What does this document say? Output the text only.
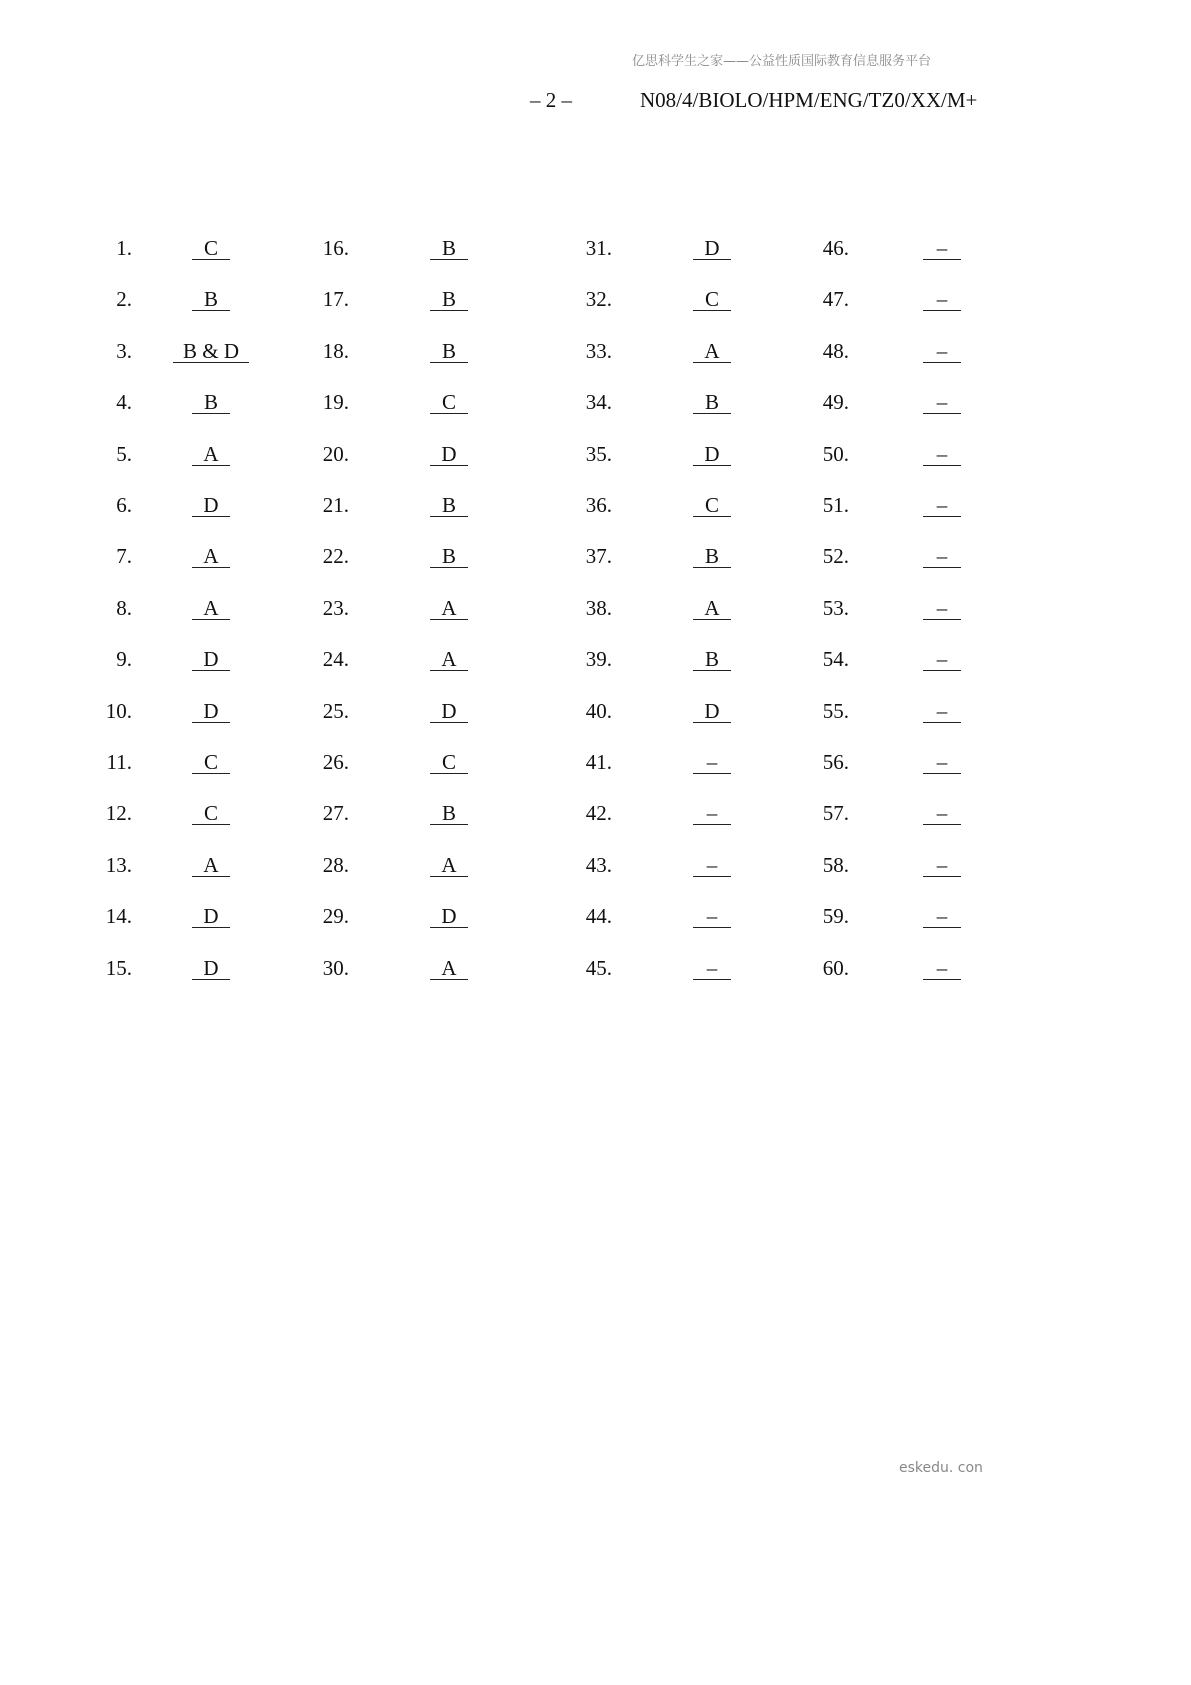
亿思科学生之家——公益性质国际教育信息服务平台
– 2 –	N08/4/BIOLO/HPM/ENG/TZ0/XX/M+
1.	C
2.	B
3.	B & D
4.	B
5.	A
6.	D
7.	A
8.	A
9.	D
10.	D
11.	C
12.	C
13.	A
14.	D
15.	D
16.	B
17.	B
18.	B
19.	C
20.	D
21.	B
22.	B
23.	A
24.	A
25.	D
26.	C
27.	B
28.	A
29.	D
30.	A
31.	D
32.	C
33.	A
34.	B
35.	D
36.	C
37.	B
38.	A
39.	B
40.	D
41.	–
42.	–
43.	–
44.	–
45.	–
46.	–
47.	–
48.	–
49.	–
50.	–
51.	–
52.	–
53.	–
54.	–
55.	–
56.	–
57.	–
58.	–
59.	–
60.	–
eskedu. con
